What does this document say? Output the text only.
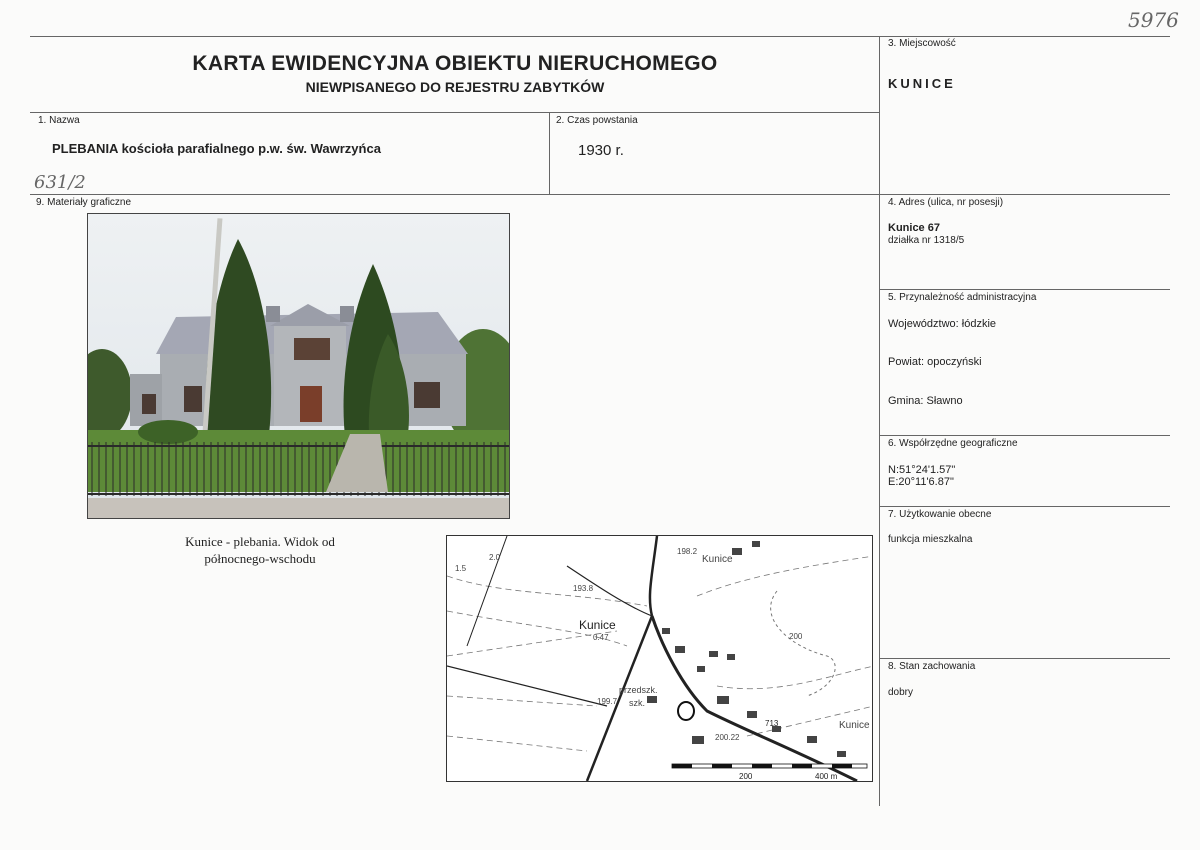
5976
KARTA EWIDENCYJNA OBIEKTU NIERUCHOMEGO
NIEWPISANEGO DO REJESTRU ZABYTKÓW
1. Nazwa
PLEBANIA kościoła parafialnego p.w. św. Wawrzyńca
631/2
2. Czas powstania
1930 r.
3. Miejscowość
KUNICE
4. Adres (ulica, nr posesji)
Kunice 67
działka nr 1318/5
5. Przynależność administracyjna
Województwo: łódzkie
Powiat: opoczyński
Gmina: Sławno
6. Współrzędne geograficzne
N:51°24'1.57"
E:20°11'6.87"
7. Użytkowanie obecne
funkcja mieszkalna
8. Stan zachowania
dobry
9. Materiały graficzne
Kunice - plebania. Widok od
północnego-wschodu
Kunice
Kunice
Kunice
przedszk.
szk.
713
198.2
193.8
199.7
200.22
0.47
1.5
2.0
200
200	400 m
